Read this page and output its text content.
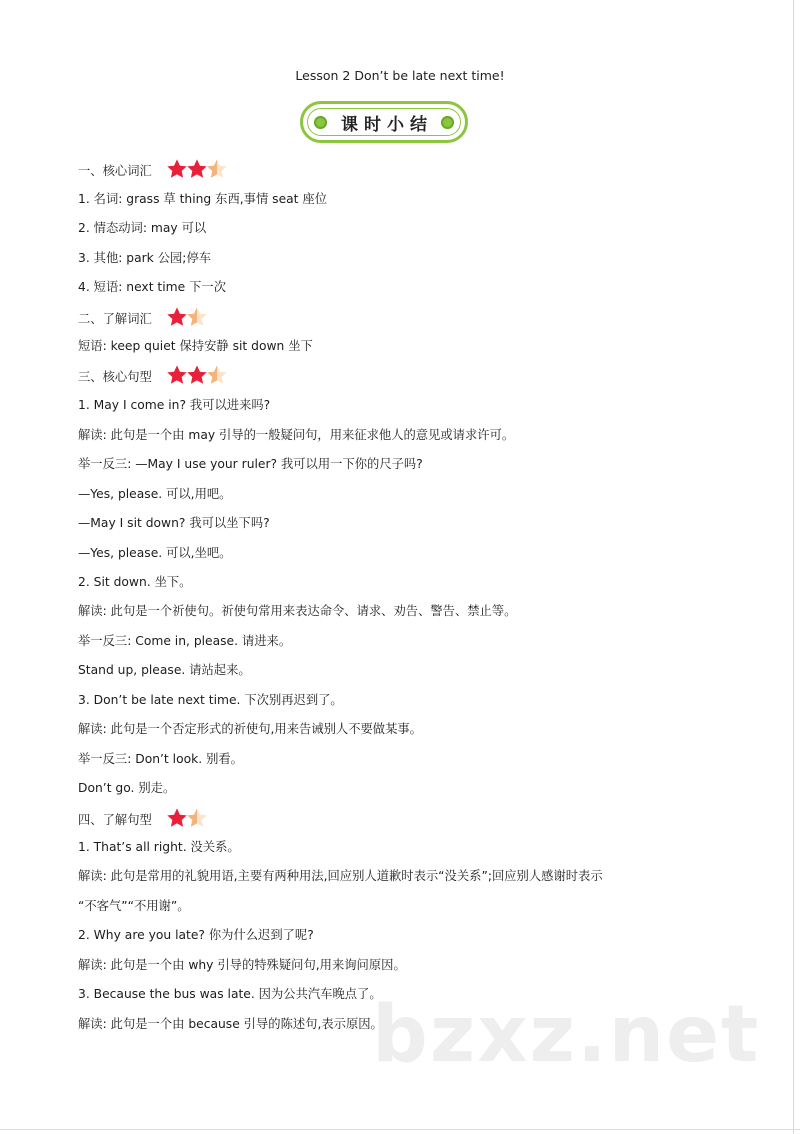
Lesson 2 Don’t be late next time!
课时小结
一、核心词汇
1. 名词: grass 草 thing 东西,事情 seat 座位
2. 情态动词: may 可以
3. 其他: park 公园;停车
4. 短语: next time 下一次
二、了解词汇
短语: keep quiet 保持安静 sit down 坐下
三、核心句型
1. May I come in? 我可以进来吗?
解读: 此句是一个由 may 引导的一般疑问句，用来征求他人的意见或请求许可。
举一反三: —May I use your ruler? 我可以用一下你的尺子吗?
—Yes, please. 可以,用吧。
—May I sit down? 我可以坐下吗?
—Yes, please. 可以,坐吧。
2. Sit down. 坐下。
解读: 此句是一个祈使句。祈使句常用来表达命令、请求、劝告、警告、禁止等。
举一反三: Come in, please. 请进来。
Stand up, please. 请站起来。
3. Don’t be late next time. 下次别再迟到了。
解读: 此句是一个否定形式的祈使句,用来告诫别人不要做某事。
举一反三: Don’t look. 别看。
Don’t go. 别走。
四、了解句型
1. That’s all right. 没关系。
解读: 此句是常用的礼貌用语,主要有两种用法,回应别人道歉时表示“没关系”;回应别人感谢时表示
“不客气”“不用谢”。
2. Why are you late? 你为什么迟到了呢?
解读: 此句是一个由 why 引导的特殊疑问句,用来询问原因。
3. Because the bus was late. 因为公共汽车晚点了。
解读: 此句是一个由 because 引导的陈述句,表示原因。
bzxz.net
